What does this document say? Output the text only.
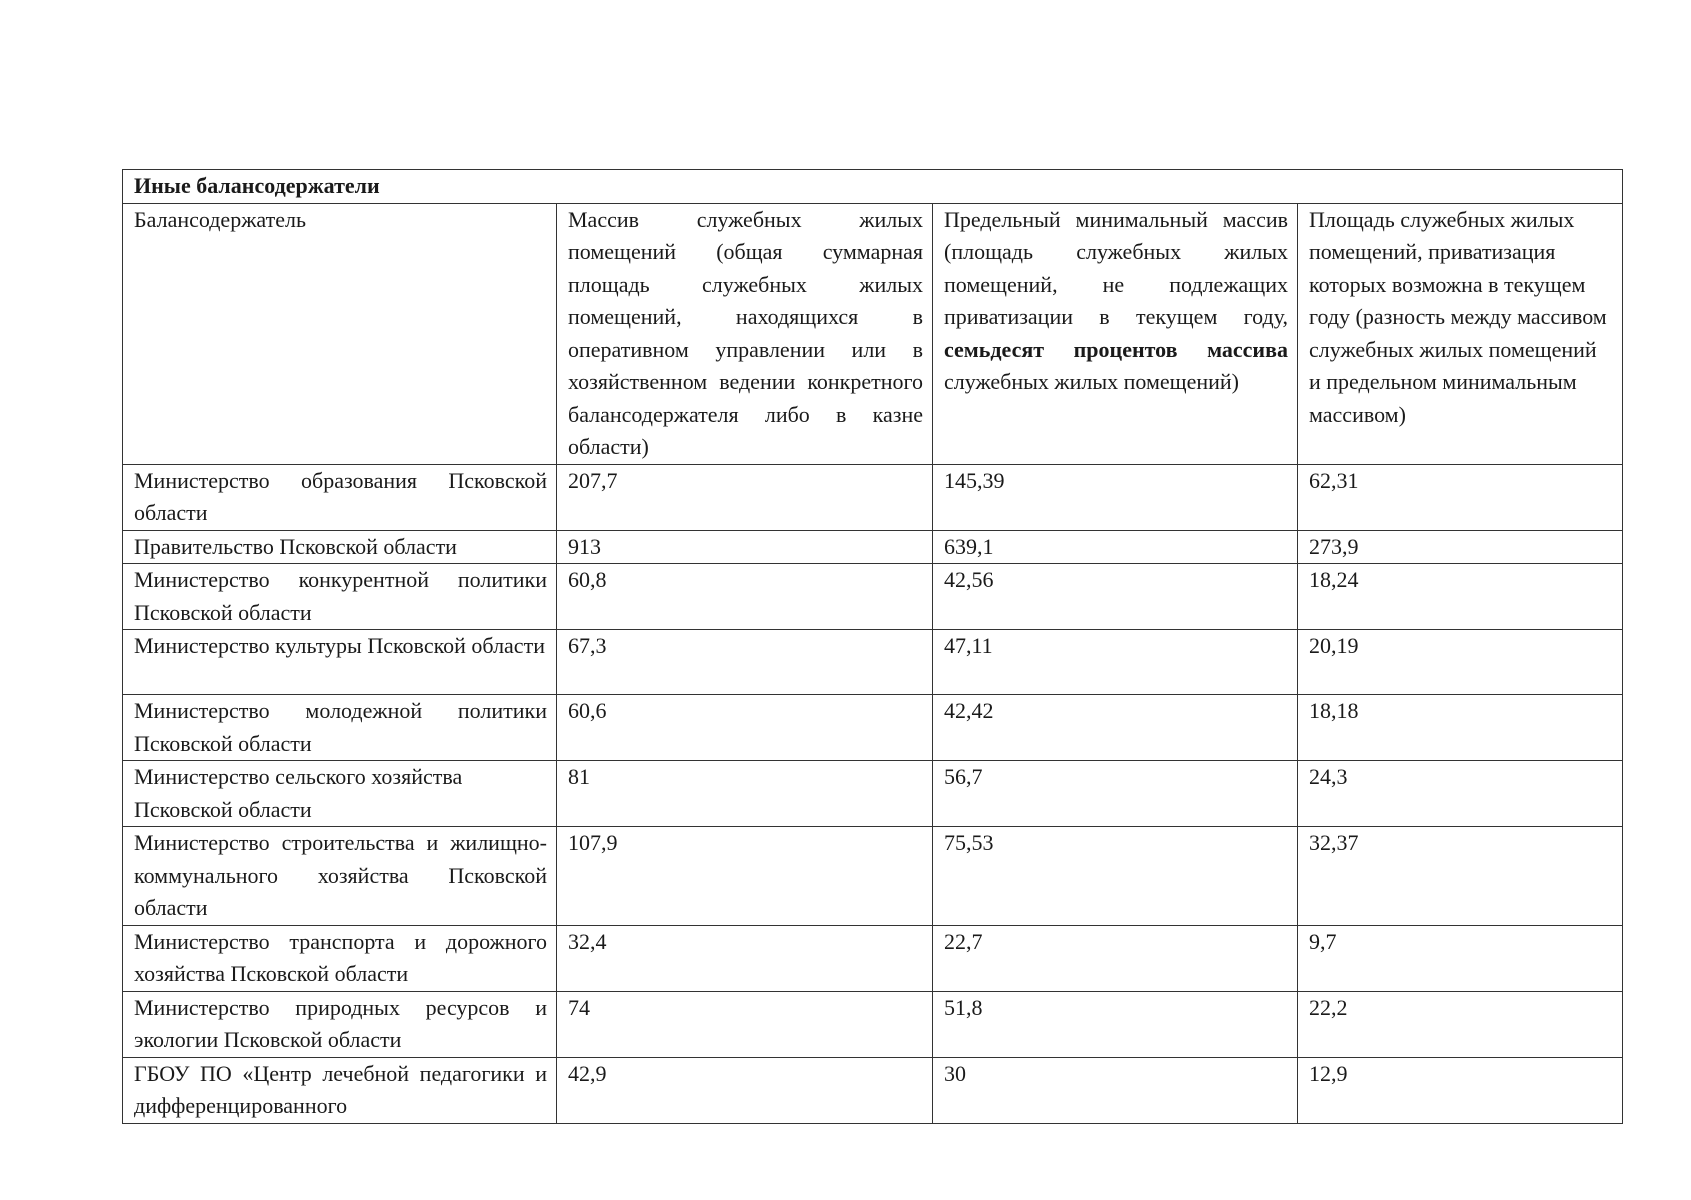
Иные балансодержатели			
Балансодержатель	Массив служебных жилых помещений (общая суммарная площадь служебных жилых помещений, находящихся в оперативном управлении или в хозяйственном ведении конкретного балансодержателя либо в казне области)	Предельный минимальный массив (площадь служебных жилых помещений, не подлежащих приватизации в текущем году, семьдесят процентов массива служебных жилых помещений)	Площадь служебных жилых помещений, приватизация которых возможна в текущем году (разность между массивом служебных жилых помещений и предельном минимальным массивом)
Министерство образования Псковской области	207,7	145,39	62,31
Правительство Псковской области	913	639,1	273,9
Министерство конкурентной политики Псковской области	60,8	42,56	18,24
Министерство культуры Псковской области	67,3	47,11	20,19
Министерство молодежной политики Псковской области	60,6	42,42	18,18
Министерство сельского хозяйства Псковской области	81	56,7	24,3
Министерство строительства и жилищно-коммунального хозяйства Псковской области	107,9	75,53	32,37
Министерство транспорта и дорожного хозяйства Псковской области	32,4	22,7	9,7
Министерство природных ресурсов и экологии Псковской области	74	51,8	22,2
ГБОУ ПО «Центр лечебной педагогики и дифференцированного	42,9	30	12,9
